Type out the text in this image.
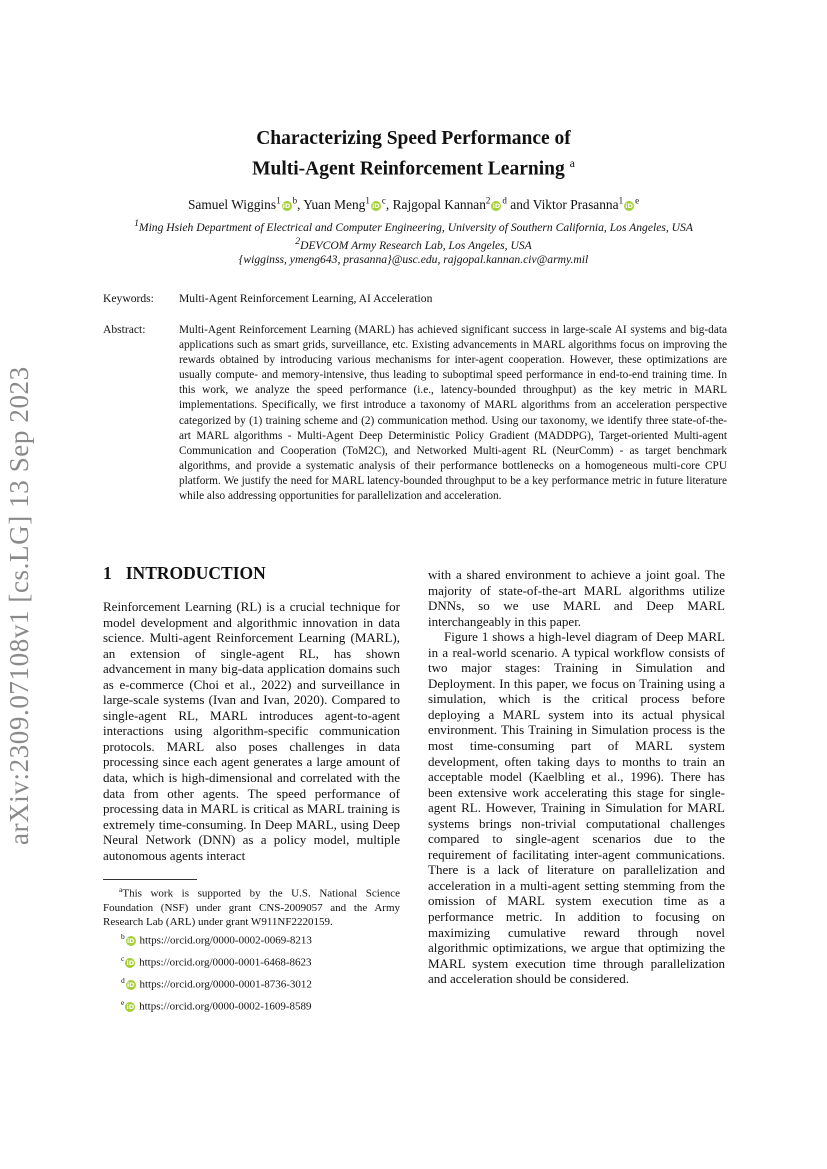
arXiv:2309.07108v1 [cs.LG] 13 Sep 2023
Characterizing Speed Performance of
Multi-Agent Reinforcement Learning $^a$
Samuel $Wiggins^1iD^b$, Yuan $Meng^1iD^c$, Rajgopal $Kannan^2iD^d$ and Viktor $Prasanna^1iD^e$
$^1$Ming Hsieh Department of Electrical and Computer Engineering, University of Southern California, Los Angeles, USA
$^2$DEVCOM Army Research Lab, Los Angeles, USA
{wigginss, ymeng643, prasanna}@usc.edu, rajgopal.kannan.civ@army.mil
Keywords: Multi-Agent Reinforcement Learning, AI Acceleration
Abstract:	Multi-Agent Reinforcement Learning (MARL) has achieved significant success in large-scale AI systems and big-data applications such as smart grids, surveillance, etc. Existing advancements in MARL algorithms focus on improving the rewards obtained by introducing various mechanisms for inter-agent cooperation. However, these optimizations are usually compute- and memory-intensive, thus leading to suboptimal speed performance in end-to-end training time. In this work, we analyze the speed performance (i.e., latency-bounded throughput) as the key metric in MARL implementations. Specifically, we first introduce a taxonomy of MARL algorithms from an acceleration perspective categorized by (1) training scheme and (2) communication method. Using our taxonomy, we identify three state-of-the-art MARL algorithms - Multi-Agent Deep Deterministic Policy Gradient (MADDPG), Target-oriented Multi-agent Communication and Cooperation (ToM2C), and Networked Multi-agent RL (NeurComm) - as target benchmark algorithms, and provide a systematic analysis of their performance bottlenecks on a homogeneous multi-core CPU platform. We justify the need for MARL latency-bounded throughput to be a key performance metric in future literature while also addressing opportunities for parallelization and acceleration.
1 INTRODUCTION

Reinforcement Learning (RL) is a crucial technique for model development and algorithmic innovation in data science. Multi-agent Reinforcement Learning (MARL), an extension of single-agent RL, has shown advancement in many big-data application domains such as e-commerce (Choi et al., 2022) and surveillance in large-scale systems (Ivan and Ivan, 2020). Compared to single-agent RL, MARL introduces agent-to-agent interactions using algorithm-specific communication protocols. MARL also poses challenges in data processing since each agent generates a large amount of data, which is high-dimensional and correlated with the data from other agents. The speed performance of processing data in MARL is critical as MARL training is extremely time-consuming. In Deep MARL, using Deep Neural Network (DNN) as a policy model, multiple autonomous agents interact

with a shared environment to achieve a joint goal. The majority of state-of-the-art MARL algorithms utilize DNNs, so we use MARL and Deep MARL interchangeably in this paper.

Figure 1 shows a high-level diagram of Deep MARL in a real-world scenario. A typical workflow consists of two major stages: Training in Simulation and Deployment. In this paper, we focus on Training using a simulation, which is the critical process before deploying a MARL system into its actual physical environment. This Training in Simulation process is the most time-consuming part of MARL system development, often taking days to months to train an acceptable model (Kaelbling et al., 1996). There has been extensive work accelerating this stage for single-agent RL. However, Training in Simulation for MARL systems brings non-trivial computational challenges compared to single-agent scenarios due to the requirement of facilitating inter-agent communications. There is a lack of literature on parallelization and acceleration in a multi-agent setting stemming from the omission of MARL system execution time as a performance metric. In addition to focusing on maximizing cumulative reward through novel algorithmic optimizations, we argue that optimizing the MARL system execution time through parallelization and acceleration should be considered.

$^a$This work is supported by the U.S. National Science Foundation (NSF) under grant CNS-2009057 and the Army Research Lab (ARL) under grant W911NF2220159.
$^b$ iD https://orcid.org/0000-0002-0069-8213
$^c$ iD https://orcid.org/0000-0001-6468-8623
$^d$ iD https://orcid.org/0000-0001-8736-3012
$^e$ iD https://orcid.org/0000-0002-1609-8589
